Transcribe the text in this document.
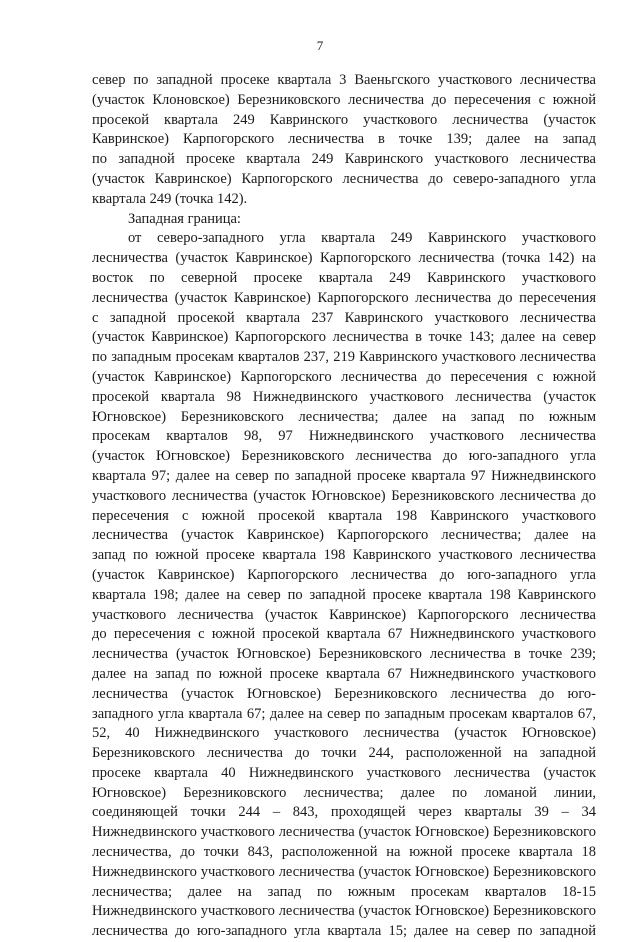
7
север по западной просеке квартала 3 Ваеньгского участкового лесничества
(участок Клоновское) Березниковского лесничества до пересечения с южной
просекой квартала 249 Кавринского участкового лесничества (участок
Кавринское) Карпогорского лесничества в точке 139; далее на запад
по западной просеке квартала 249 Кавринского участкового лесничества
(участок Кавринское) Карпогорского лесничества до северо-западного угла
квартала 249 (точка 142).
Западная граница:
от северо-западного угла квартала 249 Кавринского участкового
лесничества (участок Кавринское) Карпогорского лесничества (точка 142) на
восток по северной просеке квартала 249 Кавринского участкового
лесничества (участок Кавринское) Карпогорского лесничества до пересечения
с западной просекой квартала 237 Кавринского участкового лесничества
(участок Кавринское) Карпогорского лесничества в точке 143; далее на север
по западным просекам кварталов 237, 219 Кавринского участкового лесничества
(участок Кавринское) Карпогорского лесничества до пересечения с южной
просекой квартала 98 Нижнедвинского участкового лесничества (участок
Югновское) Березниковского лесничества; далее на запад по южным
просекам кварталов 98, 97 Нижнедвинского участкового лесничества
(участок Югновское) Березниковского лесничества до юго-западного угла
квартала 97; далее на север по западной просеке квартала 97 Нижнедвинского
участкового лесничества (участок Югновское) Березниковского лесничества до
пересечения с южной просекой квартала 198 Кавринского участкового
лесничества (участок Кавринское) Карпогорского лесничества; далее на
запад по южной просеке квартала 198 Кавринского участкового лесничества
(участок Кавринское) Карпогорского лесничества до юго-западного угла
квартала 198; далее на север по западной просеке квартала 198 Кавринского
участкового лесничества (участок Кавринское) Карпогорского лесничества
до пересечения с южной просекой квартала 67 Нижнедвинского участкового
лесничества (участок Югновское) Березниковского лесничества в точке 239;
далее на запад по южной просеке квартала 67 Нижнедвинского участкового
лесничества (участок Югновское) Березниковского лесничества до юго-
западного угла квартала 67; далее на север по западным просекам кварталов 67,
52, 40 Нижнедвинского участкового лесничества (участок Югновское)
Березниковского лесничества до точки 244, расположенной на западной
просеке квартала 40 Нижнедвинского участкового лесничества (участок
Югновское) Березниковского лесничества; далее по ломаной линии,
соединяющей точки 244 – 843, проходящей через кварталы 39 – 34
Нижнедвинского участкового лесничества (участок Югновское) Березниковского
лесничества, до точки 843, расположенной на южной просеке квартала 18
Нижнедвинского участкового лесничества (участок Югновское) Березниковского
лесничества; далее на запад по южным просекам кварталов 18-15
Нижнедвинского участкового лесничества (участок Югновское) Березниковского
лесничества до юго-западного угла квартала 15; далее на север по западной
